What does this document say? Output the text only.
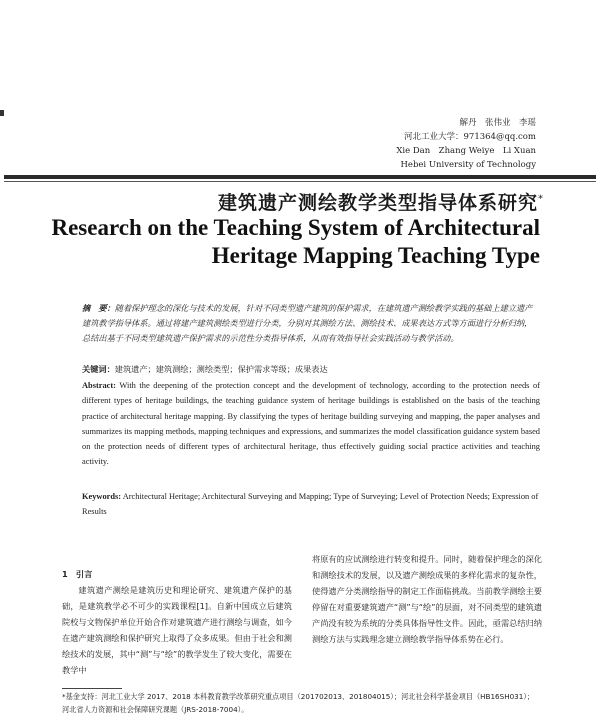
解丹　张伟业　李瑶
河北工业大学：971364@qq.com
Xie Dan　Zhang Weiye　Li Xuan
Hebei University of Technology
建筑遗产测绘教学类型指导体系研究*
Research on the Teaching System of Architectural Heritage Mapping Teaching Type
摘　要：随着保护理念的深化与技术的发展，针对不同类型遗产建筑的保护需求，在建筑遗产测绘教学实践的基础上建立遗产建筑教学指导体系。通过将建产建筑测绘类型进行分类，分别对其测绘方法、测绘技术、成果表达方式等方面进行分析归纳，总结出基于不同类型建筑遗产保护需求的示范性分类指导体系，从而有效指导社会实践活动与教学活动。
关键词：建筑遗产；建筑测绘；测绘类型；保护需求等级；成果表达
Abstract: With the deepening of the protection concept and the development of technology, according to the protection needs of different types of heritage buildings, the teaching guidance system of heritage buildings is established on the basis of the teaching practice of architectural heritage mapping. By classifying the types of heritage building surveying and mapping, the paper analyses and summarizes its mapping methods, mapping techniques and expressions, and summarizes the model classification guidance system based on the protection needs of different types of architectural heritage, thus effectively guiding social practice activities and teaching activity.
Keywords: Architectural Heritage; Architectural Surveying and Mapping; Type of Surveying; Level of Protection Needs; Expression of Results
1　引言
建筑遗产测绘是建筑历史和理论研究、建筑遗产保护的基础，是建筑教学必不可少的实践课程[1]。自新中国成立后建筑院校与文物保护单位开始合作对建筑遗产进行测绘与调查，如今在遗产建筑测绘和保护研究上取得了众多成果。但由于社会和测绘技术的发展，其中“测”与“绘”的教学发生了较大变化，需要在教学中
将原有的应试测绘进行转变和提升。同时，随着保护理念的深化和测绘技术的发展，以及遗产测绘成果的多样化需求的复杂性，使得遗产分类测绘指导的制定工作面临挑战。当前教学测绘主要停留在对重要建筑遗产“测”与“绘”的层面，对不同类型的建筑遗产尚没有较为系统的分类具体指导性文件。因此，亟需总结归纳测绘方法与实践理念建立测绘教学指导体系势在必行。
*基金支持：河北工业大学 2017、2018 本科教育教学改革研究重点项目（201702013、201804015）；河北社会科学基金项目（HB16SH031）；河北省人力资源和社会保障研究课题（JRS-2018-7004）。
